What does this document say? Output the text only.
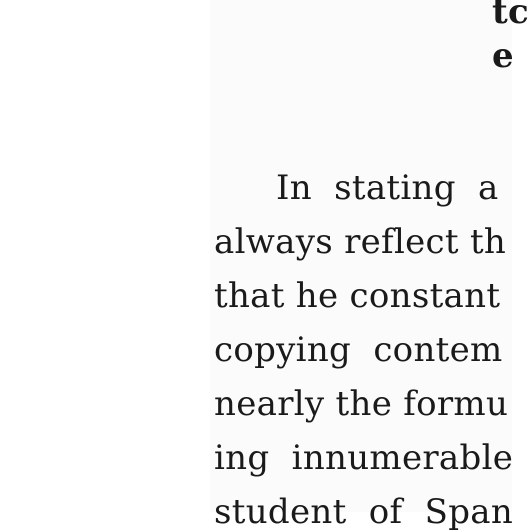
tc
e
In  stating  a
always reflect th
that he constant
copying  contem
nearly the formu
ing  innumerable
student  of  Span
